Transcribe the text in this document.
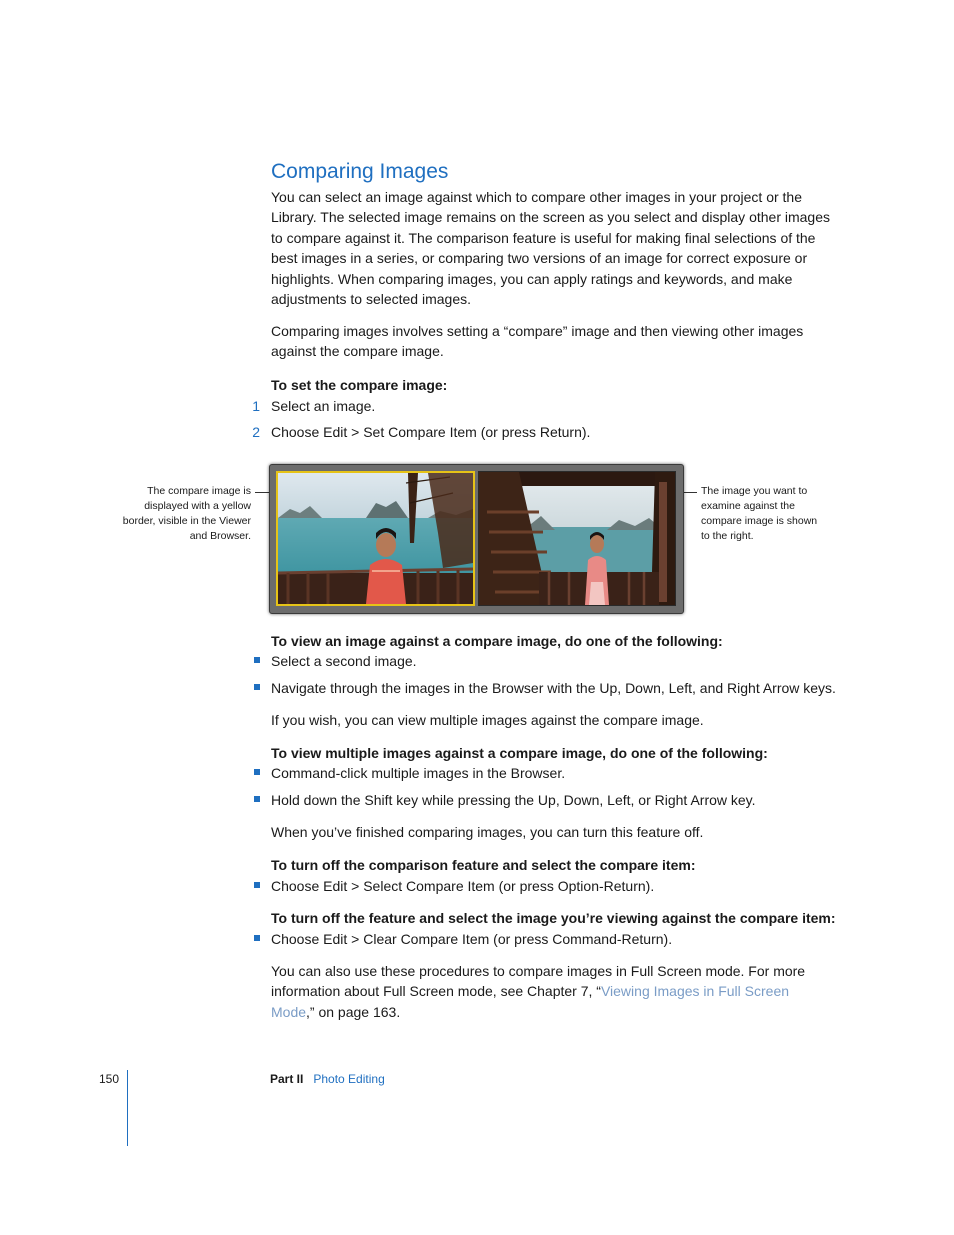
Comparing Images

You can select an image against which to compare other images in your project or the Library. The selected image remains on the screen as you select and display other images to compare against it. The comparison feature is useful for making final selections of the best images in a series, or comparing two versions of an image for correct exposure or highlights. When comparing images, you can apply ratings and keywords, and make adjustments to selected images.

Comparing images involves setting a “compare” image and then viewing other images against the compare image.

To set the compare image:
1 Select an image.
2 Choose Edit > Set Compare Item (or press Return).
The compare image is displayed with a yellow border, visible in the Viewer and Browser.
The image you want to examine against the compare image is shown to the right.
To view an image against a compare image, do one of the following:
Select a second image.
Navigate through the images in the Browser with the Up, Down, Left, and Right Arrow keys.

If you wish, you can view multiple images against the compare image.

To view multiple images against a compare image, do one of the following:
Command-click multiple images in the Browser.
Hold down the Shift key while pressing the Up, Down, Left, or Right Arrow key.

When you’ve finished comparing images, you can turn this feature off.

To turn off the comparison feature and select the compare item:
Choose Edit > Select Compare Item (or press Option-Return).
To turn off the feature and select the image you’re viewing against the compare item:
Choose Edit > Clear Compare Item (or press Command-Return).

You can also use these procedures to compare images in Full Screen mode. For more information about Full Screen mode, see Chapter 7, “Viewing Images in Full Screen Mode,” on page 163.

150	Part II Photo Editing
